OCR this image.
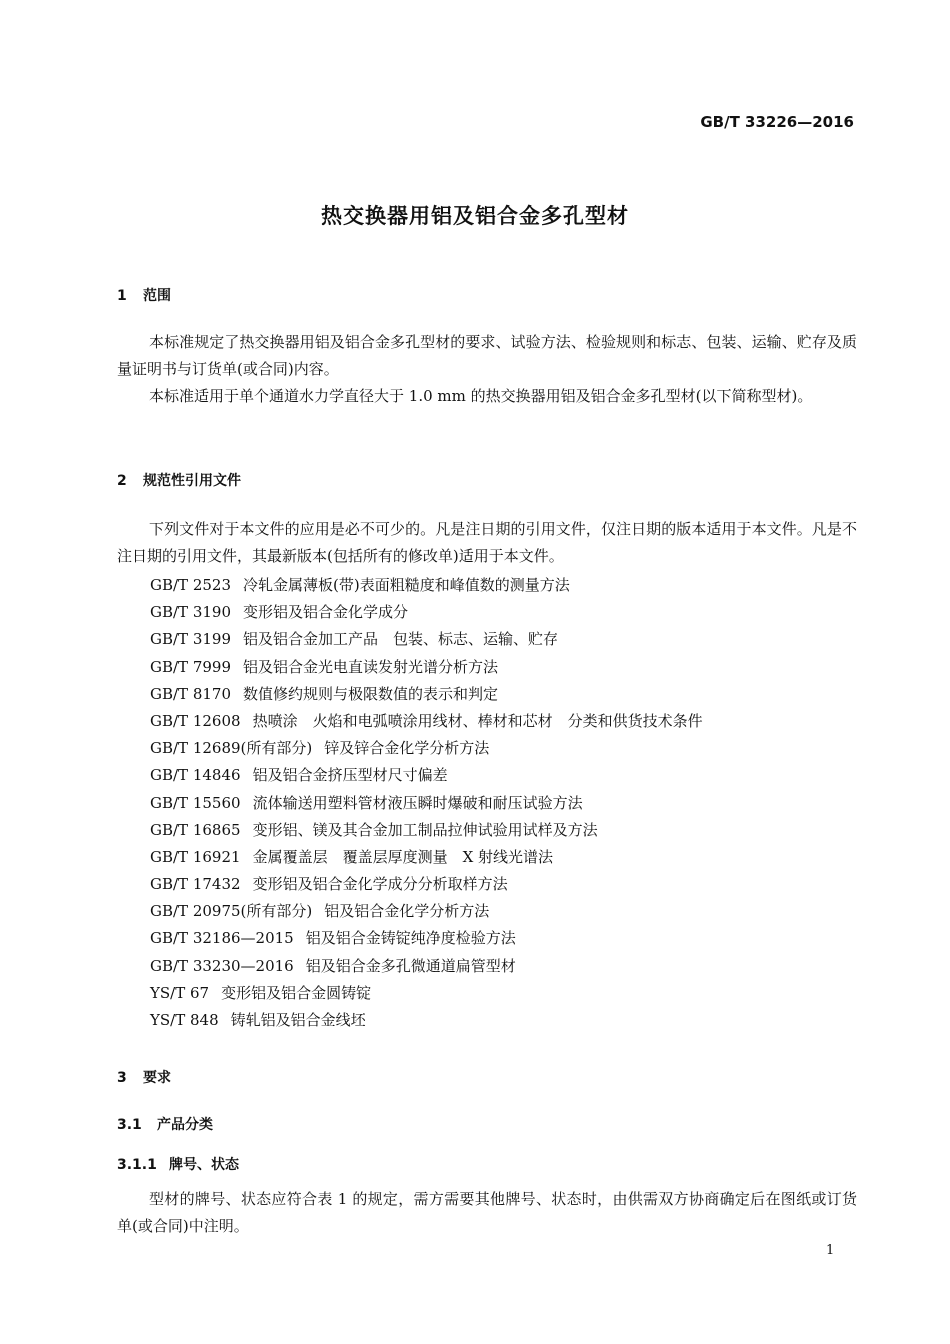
GB/T 33226—2016
热交换器用铝及铝合金多孔型材
1 范围
本标准规定了热交换器用铝及铝合金多孔型材的要求、试验方法、检验规则和标志、包装、运输、贮存及质量证明书与订货单(或合同)内容。
本标准适用于单个通道水力学直径大于 1.0 mm 的热交换器用铝及铝合金多孔型材(以下简称型材)。
2 规范性引用文件
下列文件对于本文件的应用是必不可少的。凡是注日期的引用文件，仅注日期的版本适用于本文件。凡是不注日期的引用文件，其最新版本(包括所有的修改单)适用于本文件。
GB/T 2523 冷轧金属薄板(带)表面粗糙度和峰值数的测量方法
GB/T 3190 变形铝及铝合金化学成分
GB/T 3199 铝及铝合金加工产品　包装、标志、运输、贮存
GB/T 7999 铝及铝合金光电直读发射光谱分析方法
GB/T 8170 数值修约规则与极限数值的表示和判定
GB/T 12608 热喷涂　火焰和电弧喷涂用线材、棒材和芯材　分类和供货技术条件
GB/T 12689(所有部分) 锌及锌合金化学分析方法
GB/T 14846 铝及铝合金挤压型材尺寸偏差
GB/T 15560 流体输送用塑料管材液压瞬时爆破和耐压试验方法
GB/T 16865 变形铝、镁及其合金加工制品拉伸试验用试样及方法
GB/T 16921 金属覆盖层　覆盖层厚度测量　X 射线光谱法
GB/T 17432 变形铝及铝合金化学成分分析取样方法
GB/T 20975(所有部分) 铝及铝合金化学分析方法
GB/T 32186—2015 铝及铝合金铸锭纯净度检验方法
GB/T 33230—2016 铝及铝合金多孔微通道扁管型材
YS/T 67 变形铝及铝合金圆铸锭
YS/T 848 铸轧铝及铝合金线坯
3 要求
3.1 产品分类
3.1.1 牌号、状态
型材的牌号、状态应符合表 1 的规定，需方需要其他牌号、状态时，由供需双方协商确定后在图纸或订货单(或合同)中注明。
1
